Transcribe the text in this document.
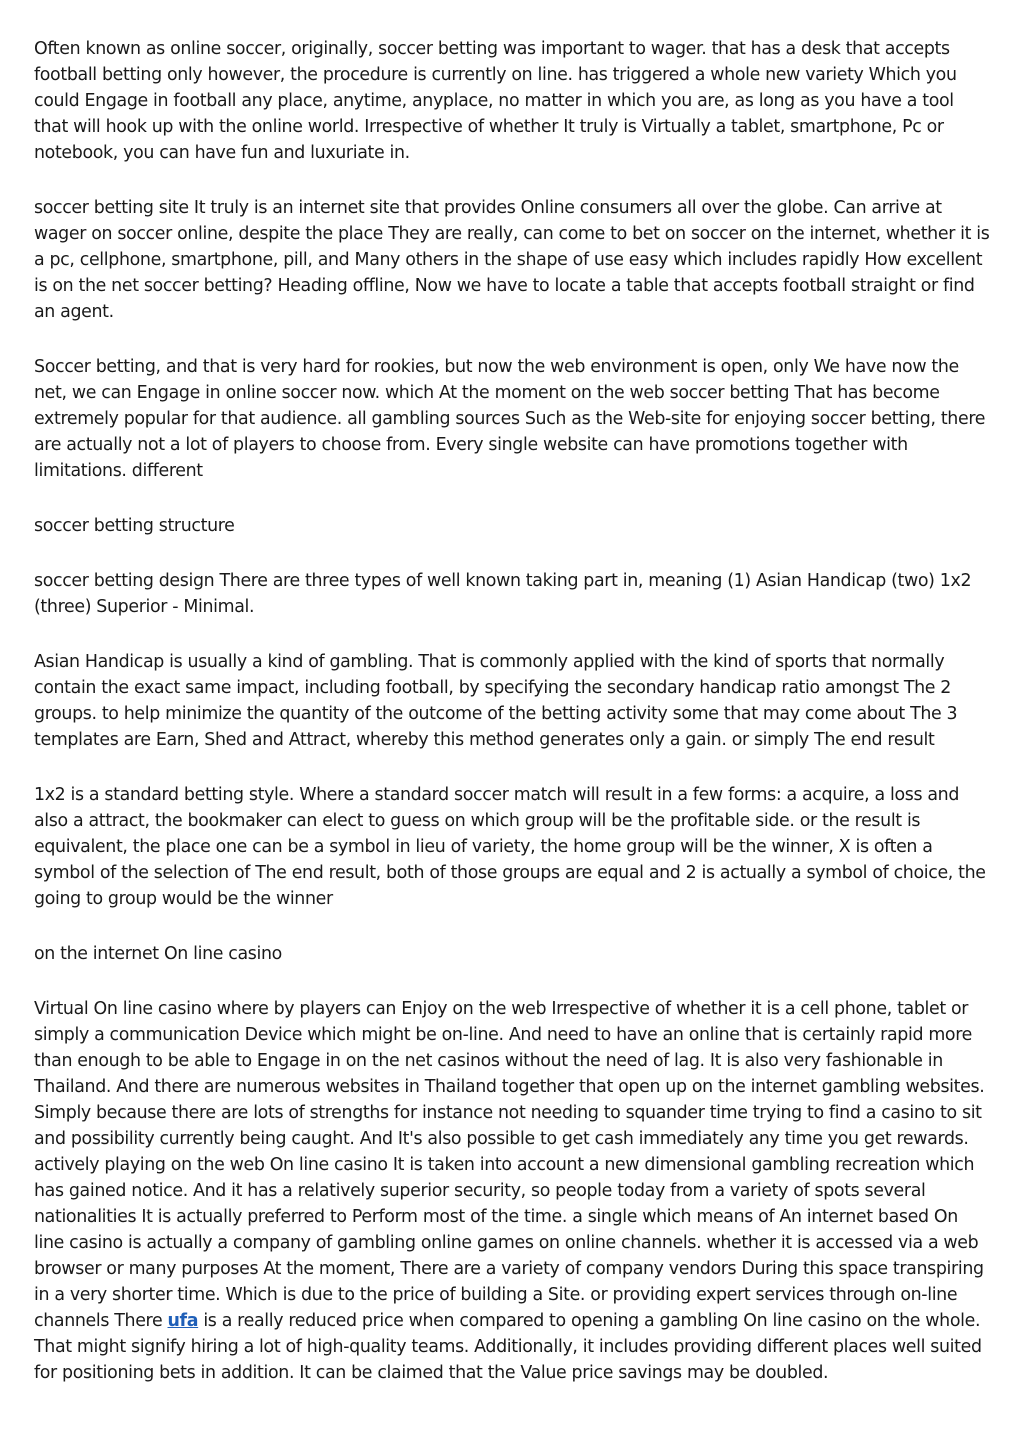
Often known as online soccer, originally, soccer betting was important to wager. that has a desk that accepts football betting only however, the procedure is currently on line. has triggered a whole new variety Which you could Engage in football any place, anytime, anyplace, no matter in which you are, as long as you have a tool that will hook up with the online world. Irrespective of whether It truly is Virtually a tablet, smartphone, Pc or notebook, you can have fun and luxuriate in.

soccer betting site It truly is an internet site that provides Online consumers all over the globe. Can arrive at wager on soccer online, despite the place They are really, can come to bet on soccer on the internet, whether it is a pc, cellphone, smartphone, pill, and Many others in the shape of use easy which includes rapidly How excellent is on the net soccer betting? Heading offline, Now we have to locate a table that accepts football straight or find an agent.

Soccer betting, and that is very hard for rookies, but now the web environment is open, only We have now the net, we can Engage in online soccer now. which At the moment on the web soccer betting That has become extremely popular for that audience. all gambling sources Such as the Web-site for enjoying soccer betting, there are actually not a lot of players to choose from. Every single website can have promotions together with limitations. different

soccer betting structure

soccer betting design There are three types of well known taking part in, meaning (1) Asian Handicap (two) 1x2 (three) Superior - Minimal.

Asian Handicap is usually a kind of gambling. That is commonly applied with the kind of sports that normally contain the exact same impact, including football, by specifying the secondary handicap ratio amongst The 2 groups. to help minimize the quantity of the outcome of the betting activity some that may come about The 3 templates are Earn, Shed and Attract, whereby this method generates only a gain. or simply The end result

1x2 is a standard betting style. Where a standard soccer match will result in a few forms: a acquire, a loss and also a attract, the bookmaker can elect to guess on which group will be the profitable side. or the result is equivalent, the place one can be a symbol in lieu of variety, the home group will be the winner, X is often a symbol of the selection of The end result, both of those groups are equal and 2 is actually a symbol of choice, the going to group would be the winner

on the internet On line casino

Virtual On line casino where by players can Enjoy on the web Irrespective of whether it is a cell phone, tablet or simply a communication Device which might be on-line. And need to have an online that is certainly rapid more than enough to be able to Engage in on the net casinos without the need of lag. It is also very fashionable in Thailand. And there are numerous websites in Thailand together that open up on the internet gambling websites. Simply because there are lots of strengths for instance not needing to squander time trying to find a casino to sit and possibility currently being caught. And It's also possible to get cash immediately any time you get rewards. actively playing on the web On line casino It is taken into account a new dimensional gambling recreation which has gained notice. And it has a relatively superior security, so people today from a variety of spots several nationalities It is actually preferred to Perform most of the time. a single which means of An internet based On line casino is actually a company of gambling online games on online channels. whether it is accessed via a web browser or many purposes At the moment, There are a variety of company vendors During this space transpiring in a very shorter time. Which is due to the price of building a Site. or providing expert services through on-line channels There ufa is a really reduced price when compared to opening a gambling On line casino on the whole. That might signify hiring a lot of high-quality teams. Additionally, it includes providing different places well suited for positioning bets in addition. It can be claimed that the Value price savings may be doubled.
